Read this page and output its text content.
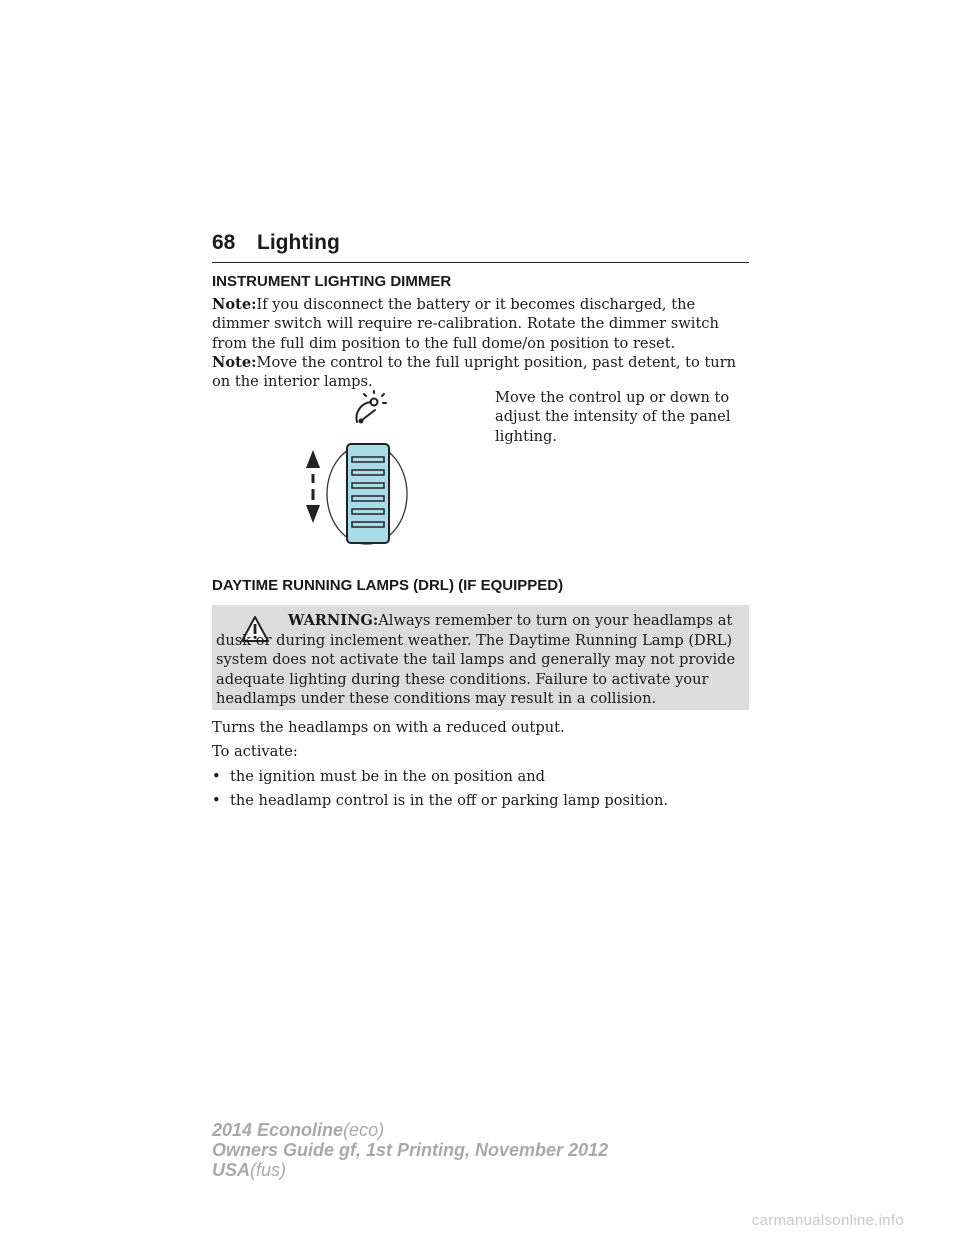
68 Lighting
INSTRUMENT LIGHTING DIMMER
Note:If you disconnect the battery or it becomes discharged, the dimmer switch will require re-calibration. Rotate the dimmer switch from the full dim position to the full dome/on position to reset.
Note:Move the control to the full upright position, past detent, to turn on the interior lamps.
Move the control up or down to adjust the intensity of the panel lighting.
DAYTIME RUNNING LAMPS (DRL) (IF EQUIPPED)
WARNING:Always remember to turn on your headlamps at dusk or during inclement weather. The Daytime Running Lamp (DRL) system does not activate the tail lamps and generally may not provide adequate lighting during these conditions. Failure to activate your headlamps under these conditions may result in a collision.
Turns the headlamps on with a reduced output.
To activate:
• the ignition must be in the on position and
• the headlamp control is in the off or parking lamp position.
2014 Econoline(eco)
Owners Guide gf, 1st Printing, November 2012
USA(fus)
carmanualsonline.info
